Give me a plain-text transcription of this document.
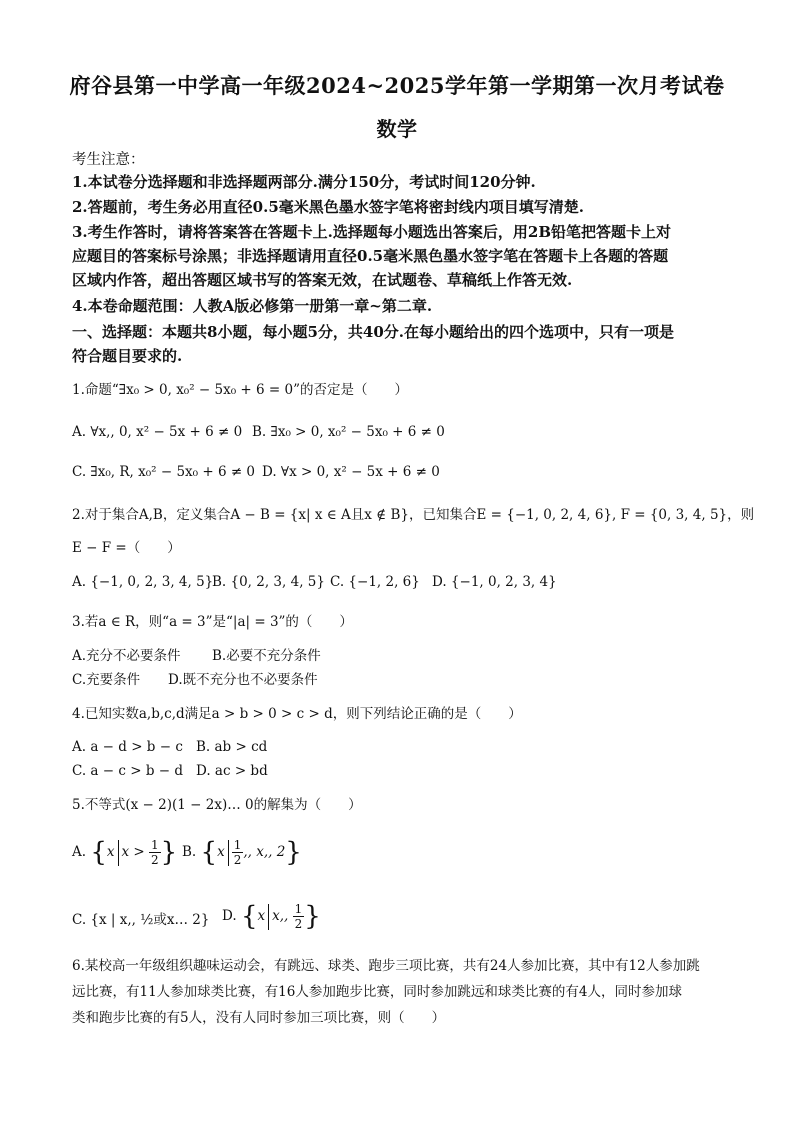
府谷县第一中学高一年级2024~2025学年第一学期第一次月考试卷
数学
考生注意：
1.本试卷分选择题和非选择题两部分.满分150分，考试时间120分钟.
2.答题前，考生务必用直径0.5毫米黑色墨水签字笔将密封线内项目填写清楚.
3.考生作答时，请将答案答在答题卡上.选择题每小题选出答案后，用2B铅笔把答题卡上对
应题目的答案标号涂黑；非选择题请用直径0.5毫米黑色墨水签字笔在答题卡上各题的答题
区域内作答，超出答题区域书写的答案无效，在试题卷、草稿纸上作答无效.
4.本卷命题范围：人教A版必修第一册第一章~第二章.
一、选择题：本题共8小题，每小题5分，共40分.在每小题给出的四个选项中，只有一项是
符合题目要求的.
1.命题“∃x₀ > 0, x₀² − 5x₀ + 6 = 0”的否定是（　　）
A. ∀x,, 0, x² − 5x + 6 ≠ 0 B. ∃x₀ > 0, x₀² − 5x₀ + 6 ≠ 0
C. ∃x₀, R, x₀² − 5x₀ + 6 ≠ 0 D. ∀x > 0, x² − 5x + 6 ≠ 0
2.对于集合A,B，定义集合A − B = {x| x ∈ A且x ∉ B}，已知集合E = {−1, 0, 2, 4, 6}, F = {0, 3, 4, 5}，则
E − F =（　　）
A. {−1, 0, 2, 3, 4, 5}
B. {0, 2, 3, 4, 5} C. {−1, 2, 6} D. {−1, 0, 2, 3, 4}
3.若a ∈ R，则“a = 3”是“|a| = 3”的（　　）
A.充分不必要条件 B.必要不充分条件
C.充要条件 D.既不充分也不必要条件
4.已知实数a,b,c,d满足a > b > 0 > c > d，则下列结论正确的是（　　）
A. a − d > b − c B. ab > cd
C. a − c > b − d D. ac > bd
5.不等式(x − 2)(1 − 2x)… 0的解集为（　　）
A. {x $x > \frac{1}{2}$ } B. {$x \frac{1}{2}$ ,, x,, 2}
C. {x | x,, ½或x… 2} D. {x x,, $\frac{1}{2}$ }
6.某校高一年级组织趣味运动会，有跳远、球类、跑步三项比赛，共有24人参加比赛，其中有12人参加跳
远比赛，有11人参加球类比赛，有16人参加跑步比赛，同时参加跳远和球类比赛的有4人，同时参加球
类和跑步比赛的有5人，没有人同时参加三项比赛，则（　　）
